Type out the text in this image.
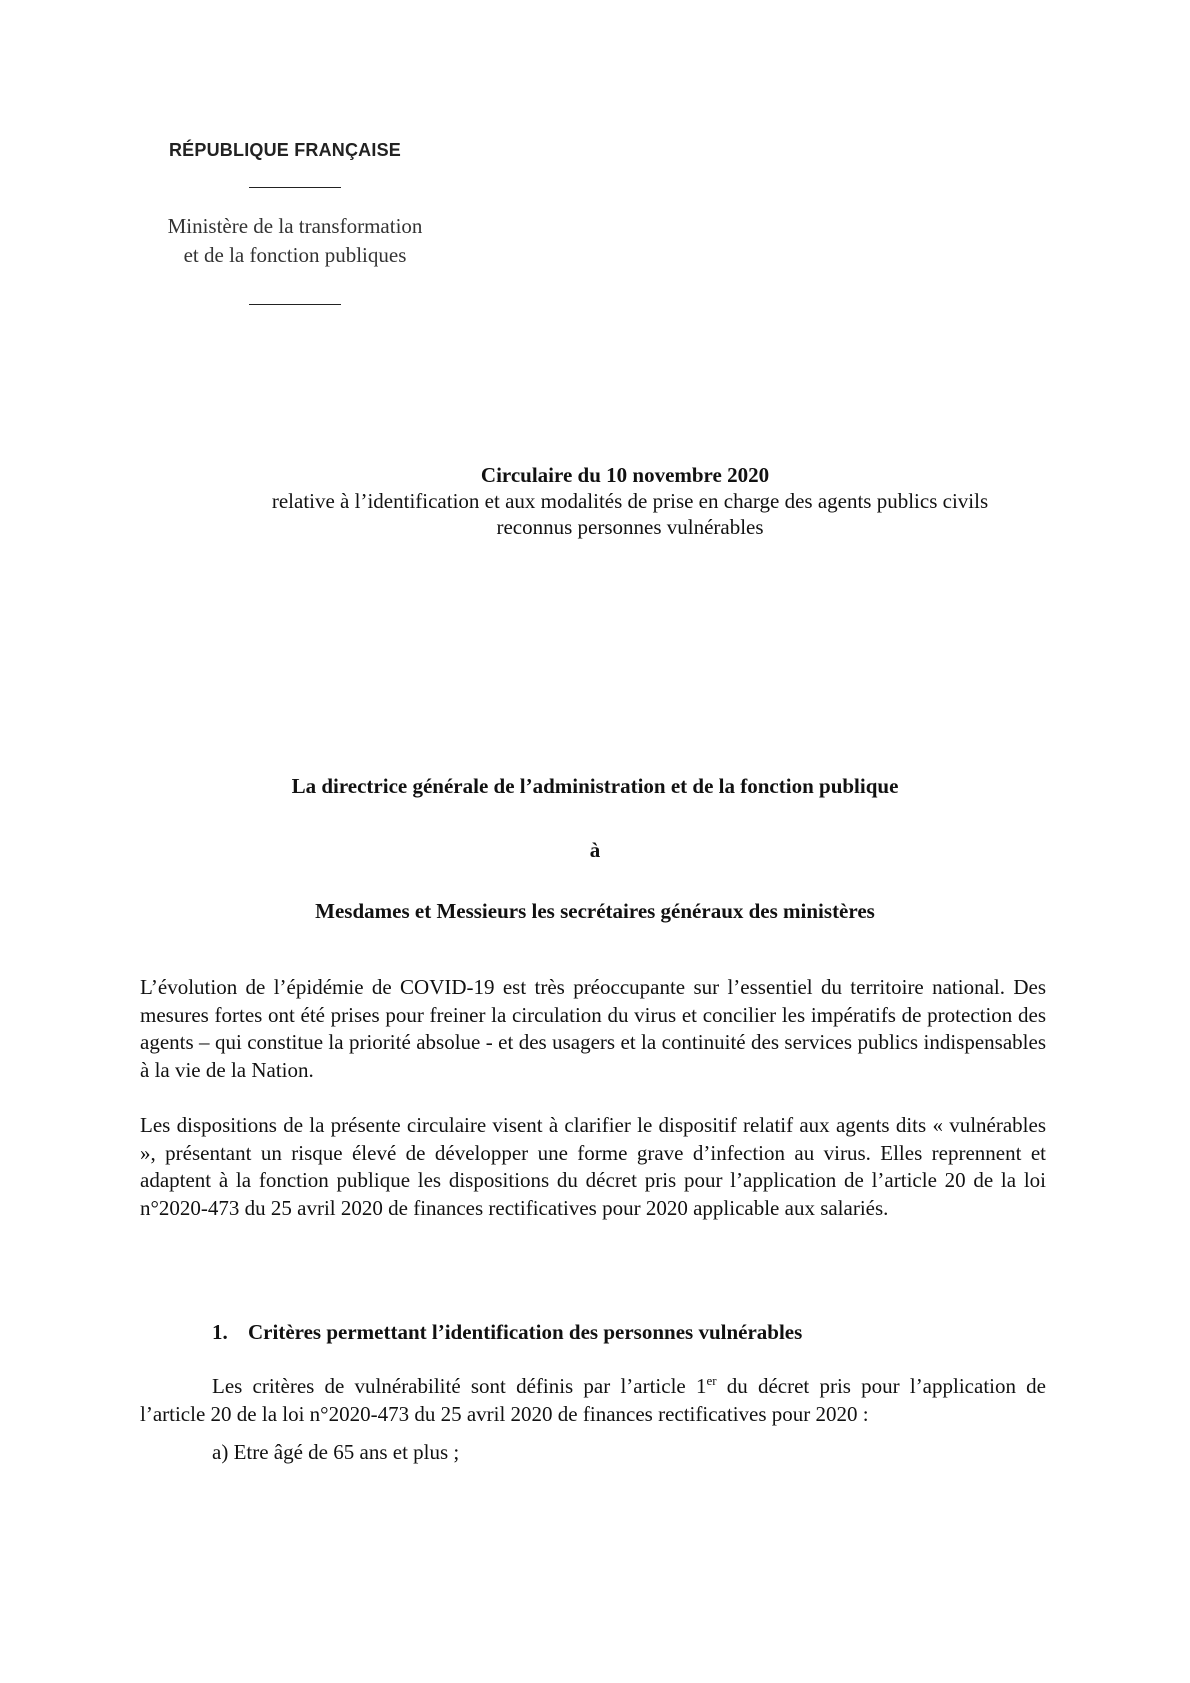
RÉPUBLIQUE FRANÇAISE
Ministère de la transformation
et de la fonction publiques
Circulaire du 10 novembre 2020
relative à l’identification et aux modalités de prise en charge des agents publics civils
reconnus personnes vulnérables
La directrice générale de l’administration et de la fonction publique
à
Mesdames et Messieurs les secrétaires généraux des ministères
L’évolution de l’épidémie de COVID-19 est très préoccupante sur l’essentiel du territoire national. Des mesures fortes ont été prises pour freiner la circulation du virus et concilier les impératifs de protection des agents – qui constitue la priorité absolue - et des usagers et la continuité des services publics indispensables à la vie de la Nation.
Les dispositions de la présente circulaire visent à clarifier le dispositif relatif aux agents dits « vulnérables », présentant un risque élevé de développer une forme grave d’infection au virus. Elles reprennent et adaptent à la fonction publique les dispositions du décret pris pour l’application de l’article 20 de la loi n°2020-473 du 25 avril 2020 de finances rectificatives pour 2020 applicable aux salariés.
1. Critères permettant l’identification des personnes vulnérables
Les critères de vulnérabilité sont définis par l’article 1er du décret pris pour l’application de l’article 20 de la loi n°2020-473 du 25 avril 2020 de finances rectificatives pour 2020 :
a) Etre âgé de 65 ans et plus ;
